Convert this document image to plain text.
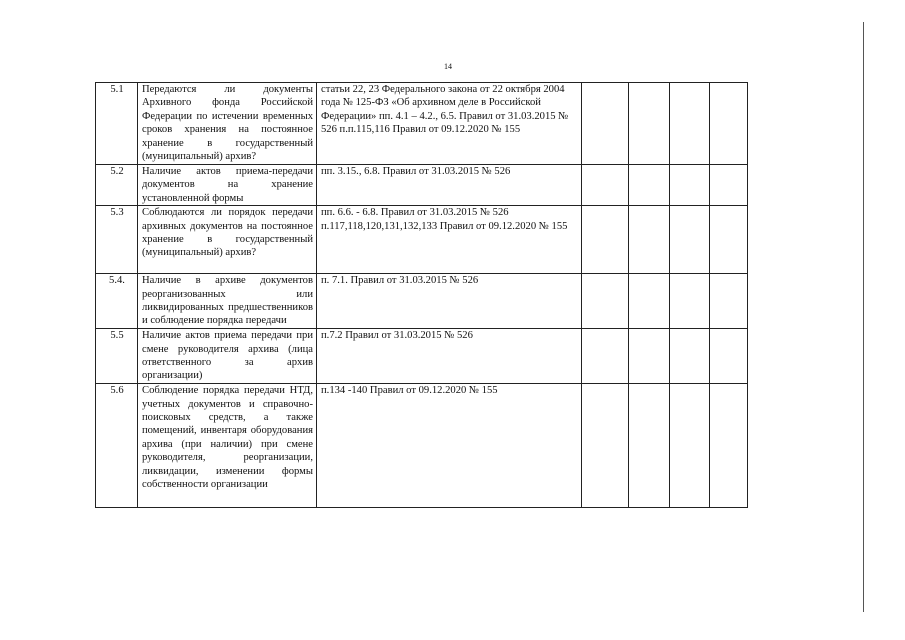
14
5.1	Передаются ли документы Архивного фонда Российской Федерации по истечении временных сроков хранения на постоянное хранение в государственный (муниципальный) архив?	статьи 22, 23 Федерального закона от 22 октября 2004 года № 125-ФЗ «Об архивном деле в Российской Федерации» пп. 4.1 – 4.2., 6.5. Правил от 31.03.2015 № 526 п.п.115,116 Правил от 09.12.2020 № 155				
5.2	Наличие актов приема-передачи документов на хранение установленной формы	пп. 3.15., 6.8. Правил от 31.03.2015 № 526				
5.3	Соблюдаются ли порядок передачи архивных документов на постоянное хранение в государственный (муниципальный) архив?	пп. 6.6. - 6.8. Правил от 31.03.2015 № 526 п.117,118,120,131,132,133 Правил от 09.12.2020 № 155				
5.4.	Наличие в архиве документов реорганизованных или ликвидированных предшественников и соблюдение порядка передачи	п. 7.1. Правил от 31.03.2015 № 526				
5.5	Наличие актов приема передачи при смене руководителя архива (лица ответственного за архив организации)	п.7.2 Правил от 31.03.2015 № 526				
5.6	Соблюдение порядка передачи НТД, учетных документов и справочно-поисковых средств, а также помещений, инвентаря оборудования архива (при наличии) при смене руководителя, реорганизации, ликвидации, изменении формы собственности организации	п.134 -140 Правил от 09.12.2020 № 155				
